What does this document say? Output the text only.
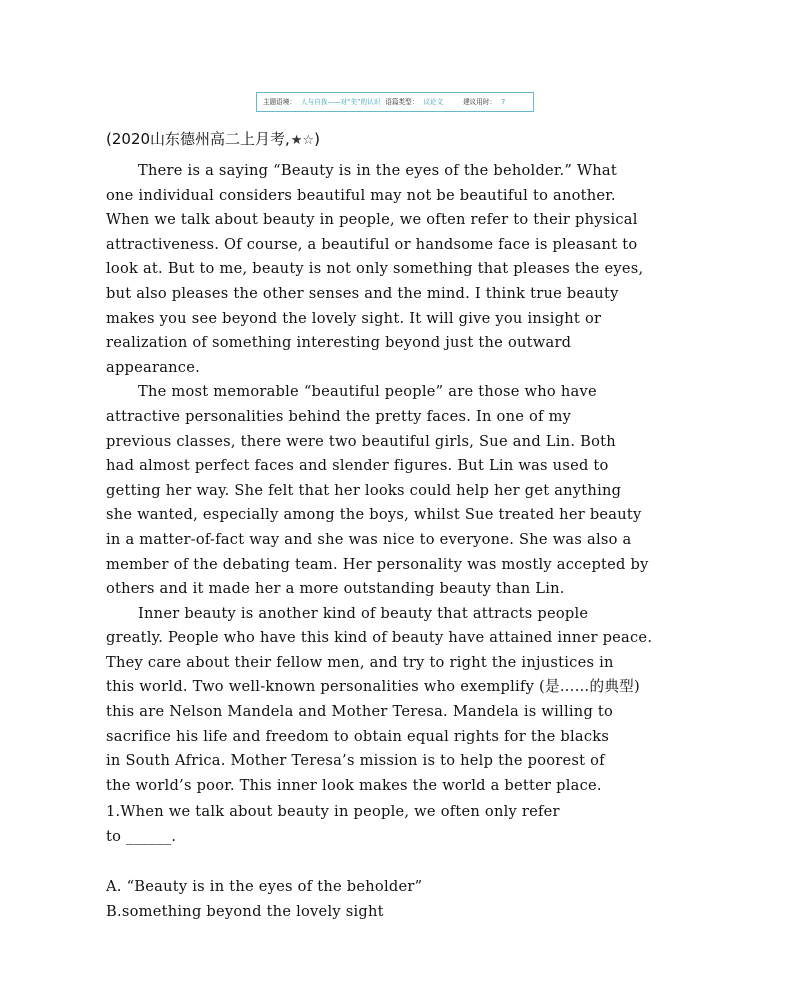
主题语境： 人与自我——对“美”的认识 语篇类型： 议论文	建议用时： 7
(2020山东德州高二上月考,★☆)
There is a saying “Beauty is in the eyes of the beholder.” What
one individual considers beautiful may not be beautiful to another.
When we talk about beauty in people, we often refer to their physical
attractiveness. Of course, a beautiful or handsome face is pleasant to
look at. But to me, beauty is not only something that pleases the eyes,
but also pleases the other senses and the mind. I think true beauty
makes you see beyond the lovely sight. It will give you insight or
realization of something interesting beyond just the outward
appearance.
The most memorable “beautiful people” are those who have
attractive personalities behind the pretty faces. In one of my
previous classes, there were two beautiful girls, Sue and Lin. Both
had almost perfect faces and slender figures. But Lin was used to
getting her way. She felt that her looks could help her get anything
she wanted, especially among the boys, whilst Sue treated her beauty
in a matter-of-fact way and she was nice to everyone. She was also a
member of the debating team. Her personality was mostly accepted by
others and it made her a more outstanding beauty than Lin.
Inner beauty is another kind of beauty that attracts people
greatly. People who have this kind of beauty have attained inner peace.
They care about their fellow men, and try to right the injustices in
this world. Two well-known personalities who exemplify (是……的典型)
this are Nelson Mandela and Mother Teresa. Mandela is willing to
sacrifice his life and freedom to obtain equal rights for the blacks
in South Africa. Mother Teresa’s mission is to help the poorest of
the world’s poor. This inner look makes the world a better place.
1.When we talk about beauty in people, we often only refer
to ______.
A. “Beauty is in the eyes of the beholder”
B.something beyond the lovely sight
